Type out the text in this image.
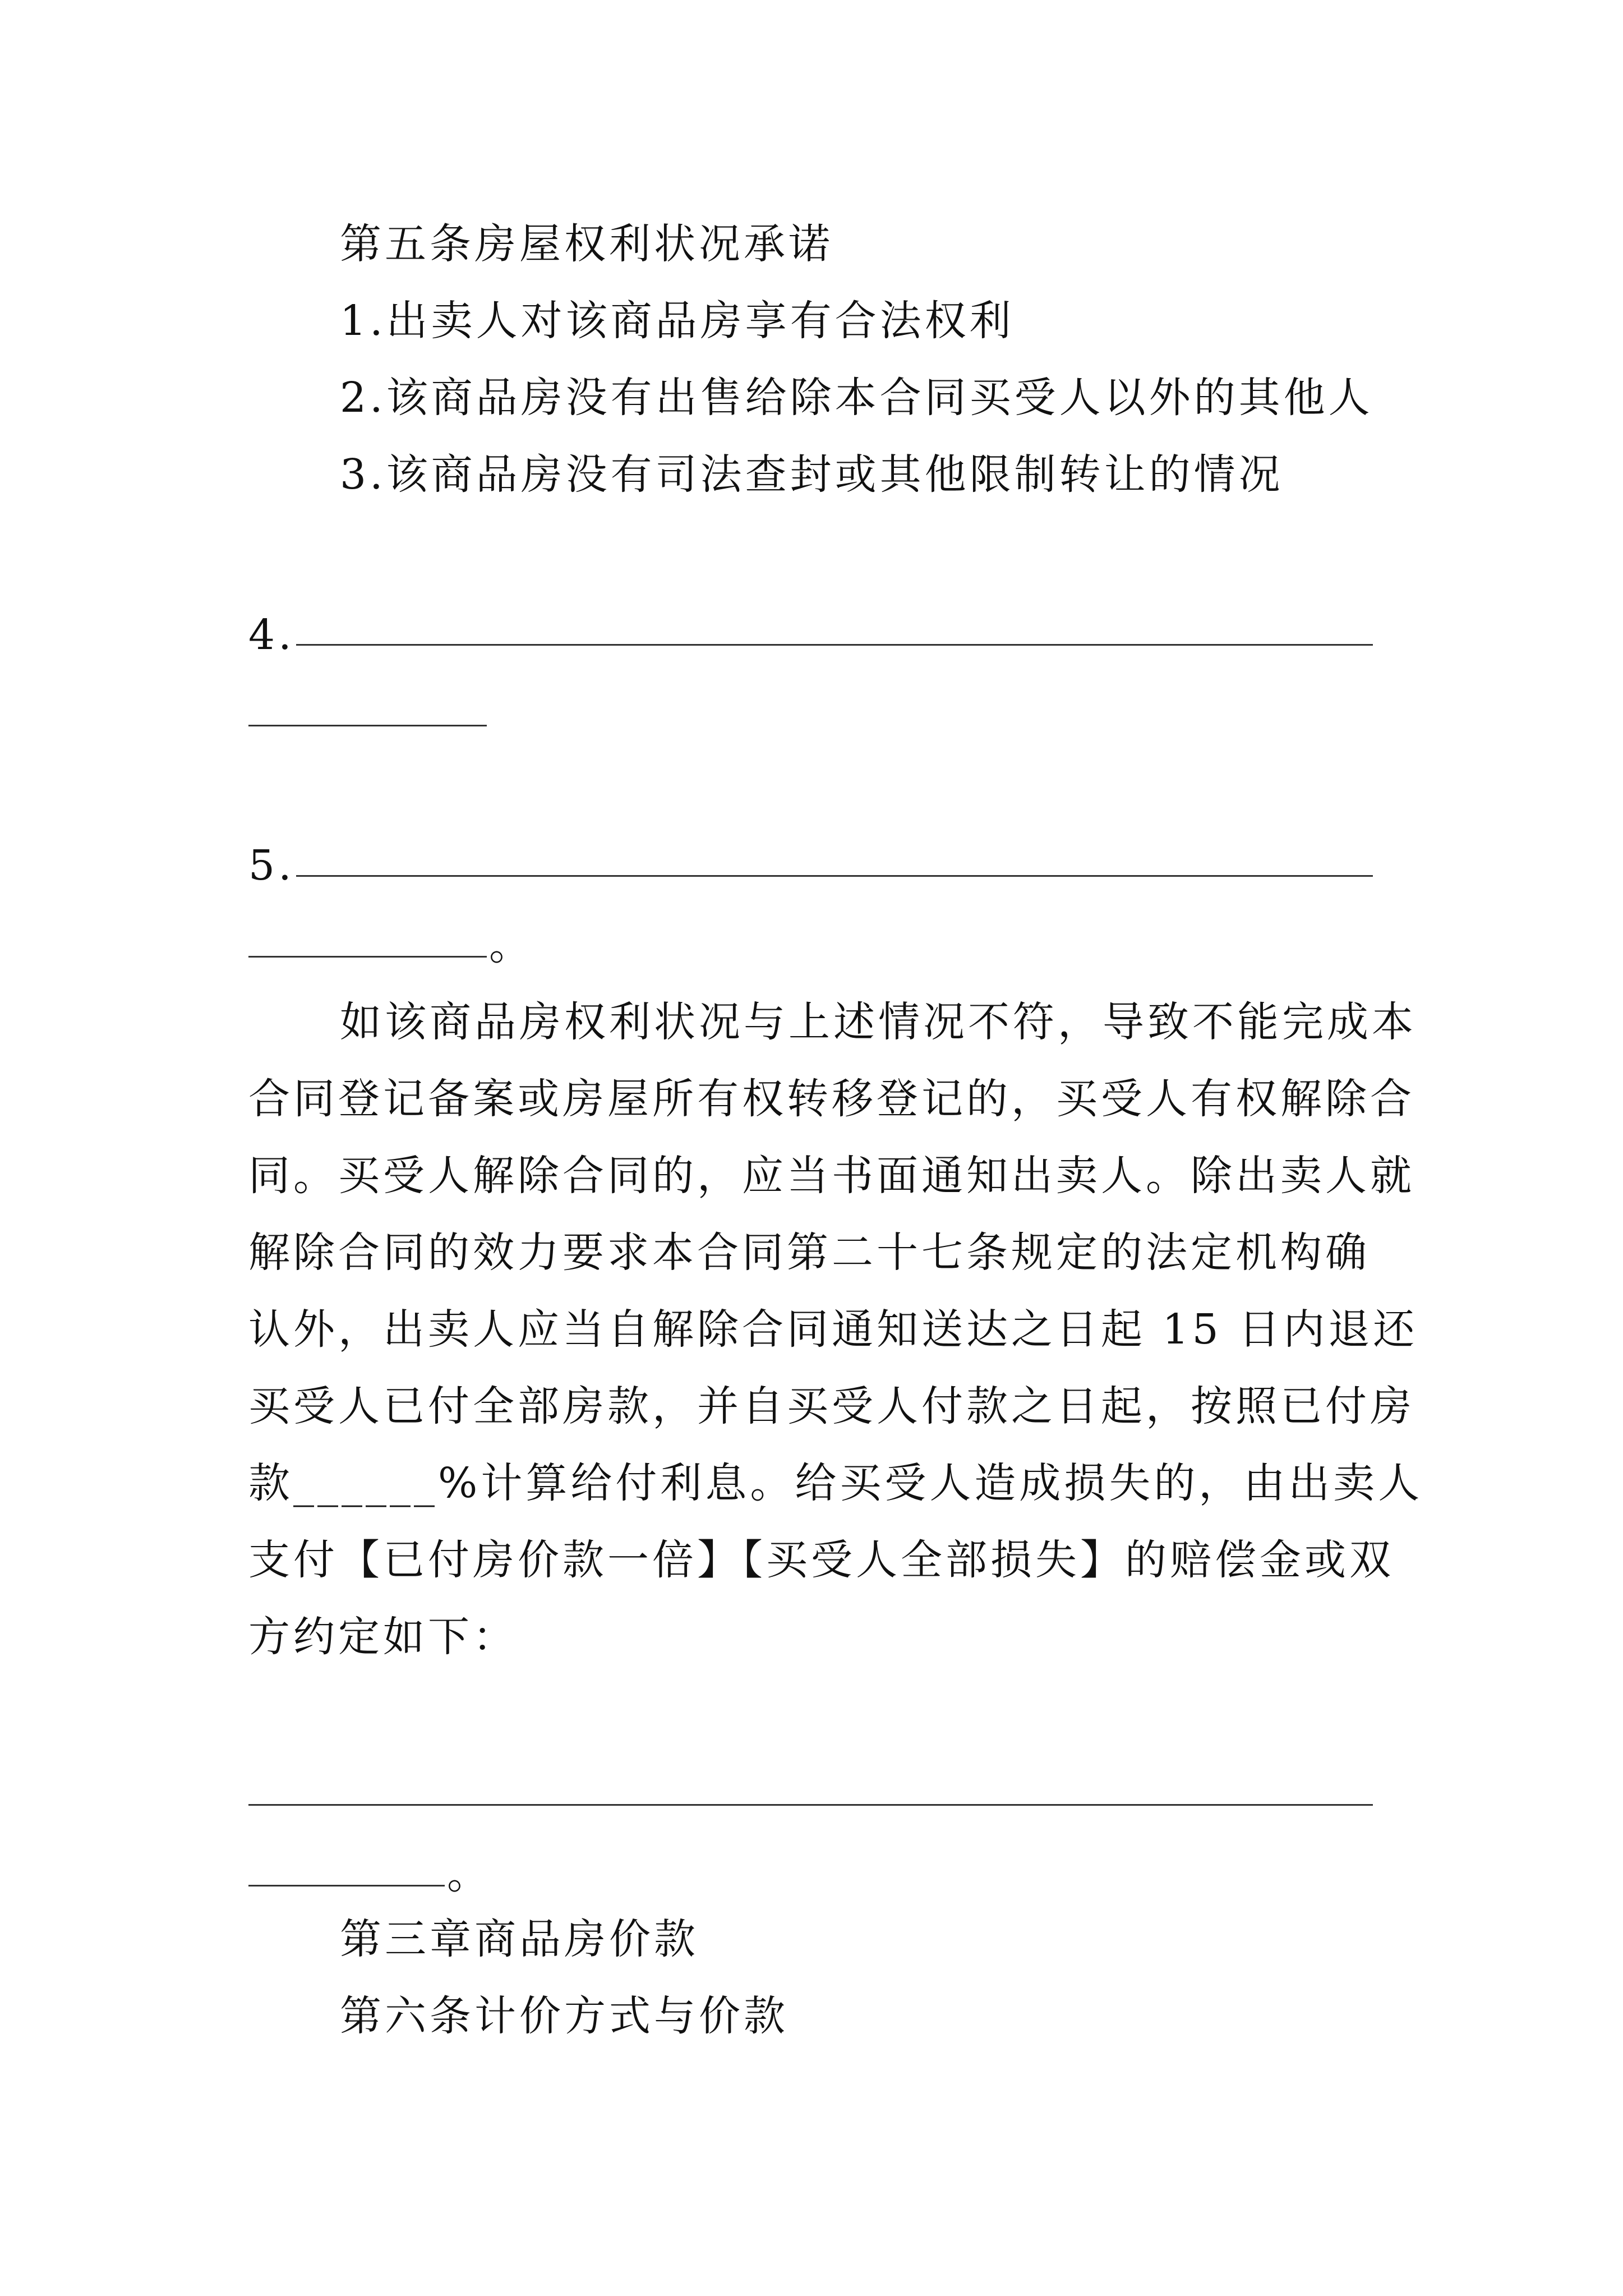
第五条房屋权利状况承诺
1.出卖人对该商品房享有合法权利
2.该商品房没有出售给除本合同买受人以外的其他人
3.该商品房没有司法查封或其他限制转让的情况
4.
5.
。
如该商品房权利状况与上述情况不符，导致不能完成本
合同登记备案或房屋所有权转移登记的，买受人有权解除合
同。买受人解除合同的，应当书面通知出卖人。除出卖人就
解除合同的效力要求本合同第二十七条规定的法定机构确
认外，出卖人应当自解除合同通知送达之日起 15 日内退还
买受人已付全部房款，并自买受人付款之日起，按照已付房
款______%计算给付利息。给买受人造成损失的，由出卖人
支付【已付房价款一倍】【买受人全部损失】的赔偿金或双
方约定如下：
。
第三章商品房价款
第六条计价方式与价款
